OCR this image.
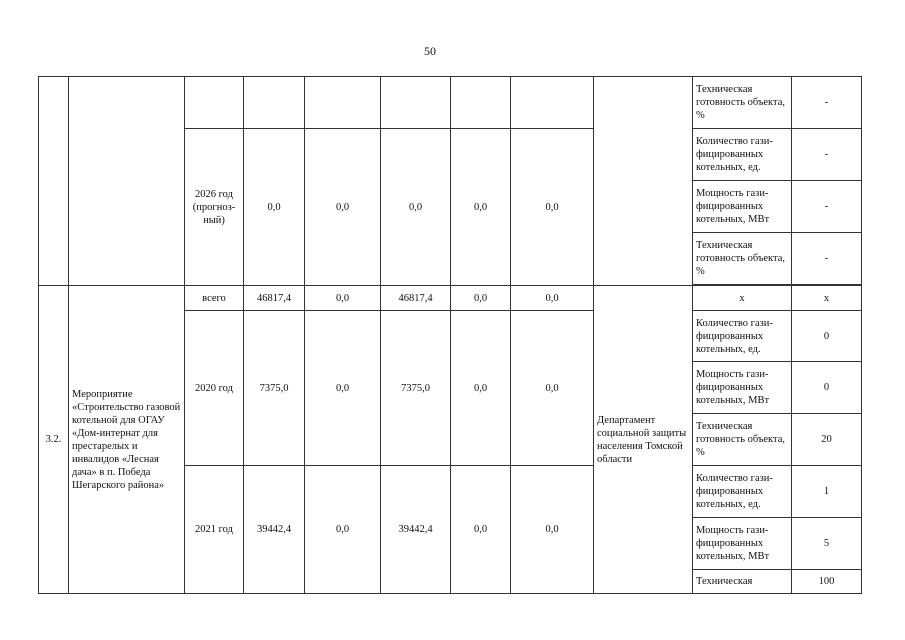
50
									Техническая готовность объекта, %	-
		2026 год (прогноз-ный)	0,0	0,0	0,0	0,0	0,0		Количество гази-фицированных котельных, ед.	-
									Мощность гази-фицированных котельных, МВт	-
									Техническая готовность объекта, %	-

3.2.	Мероприятие «Строительство газовой котельной для ОГАУ «Дом-интернат для престарелых и инвалидов «Лесная дача» в п. Победа Шегарского района»	всего	46817,4	0,0	46817,4	0,0	0,0	Департамент социальной защиты населения Томской области	x	x
		2020 год	7375,0	0,0	7375,0	0,0	0,0		Количество гази-фицированных котельных, ед.	0
									Мощность гази-фицированных котельных, МВт	0
									Техническая готовность объекта, %	20
		2021 год	39442,4	0,0	39442,4	0,0	0,0		Количество гази-фицированных котельных, ед.	1
									Мощность гази-фицированных котельных, МВт	5
									Техническая	100
